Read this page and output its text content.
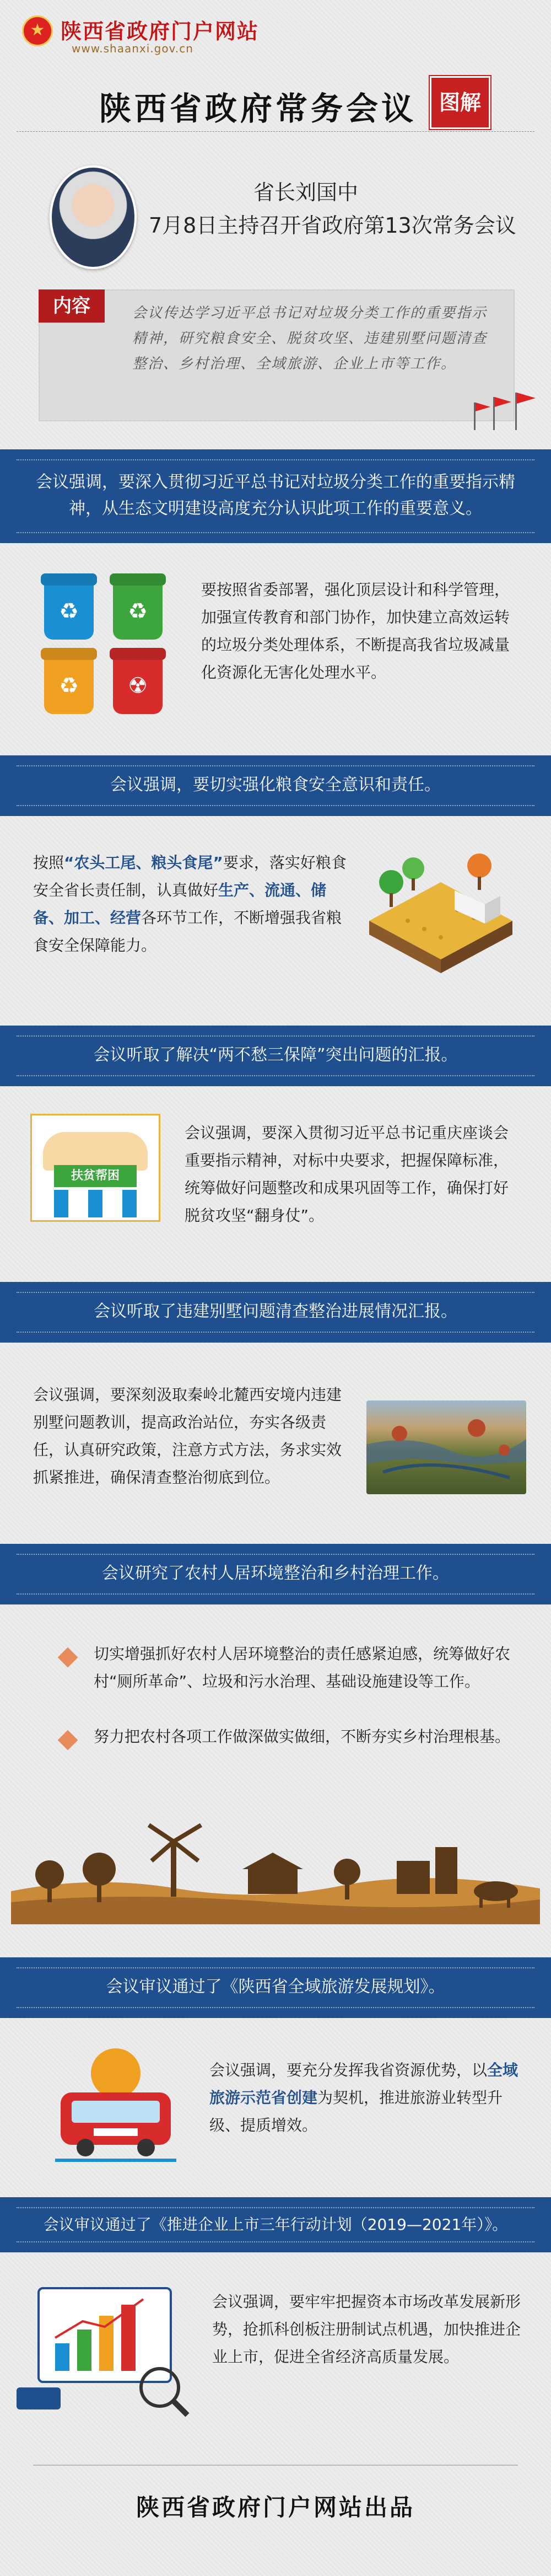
★
陕西省政府门户网站
www.shaanxi.gov.cn
陕西省政府常务会议	图解
省长刘国中
7月8日主持召开省政府第13次常务会议
内容	会议传达学习近平总书记对垃圾分类工作的重要指示精神，研究粮食安全、脱贫攻坚、违建别墅问题清查整治、乡村治理、全域旅游、企业上市等工作。
会议强调，要深入贯彻习近平总书记对垃圾分类工作的重要指示精神，从生态文明建设高度充分认识此项工作的重要意义。
♻	♻
♻	☢
要按照省委部署，强化顶层设计和科学管理，加强宣传教育和部门协作，加快建立高效运转的垃圾分类处理体系，不断提高我省垃圾减量化资源化无害化处理水平。
会议强调，要切实强化粮食安全意识和责任。
按照“农头工尾、粮头食尾”要求，落实好粮食安全省长责任制，认真做好生产、流通、储备、加工、经营各环节工作，不断增强我省粮食安全保障能力。
会议听取了解决“两不愁三保障”突出问题的汇报。
扶贫帮困
会议强调，要深入贯彻习近平总书记重庆座谈会重要指示精神，对标中央要求，把握保障标准，统筹做好问题整改和成果巩固等工作，确保打好脱贫攻坚“翻身仗”。
会议听取了违建别墅问题清查整治进展情况汇报。
会议强调，要深刻汲取秦岭北麓西安境内违建别墅问题教训，提高政治站位，夯实各级责任，认真研究政策，注意方式方法，务求实效抓紧推进，确保清查整治彻底到位。
会议研究了农村人居环境整治和乡村治理工作。
切实增强抓好农村人居环境整治的责任感紧迫感，统筹做好农村“厕所革命”、垃圾和污水治理、基础设施建设等工作。
努力把农村各项工作做深做实做细，不断夯实乡村治理根基。
会议审议通过了《陕西省全域旅游发展规划》。
会议强调，要充分发挥我省资源优势，以全域旅游示范省创建为契机，推进旅游业转型升级、提质增效。
会议审议通过了《推进企业上市三年行动计划（2019—2021年）》。
会议强调，要牢牢把握资本市场改革发展新形势，抢抓科创板注册制试点机遇，加快推进企业上市，促进全省经济高质量发展。
陕西省政府门户网站出品
